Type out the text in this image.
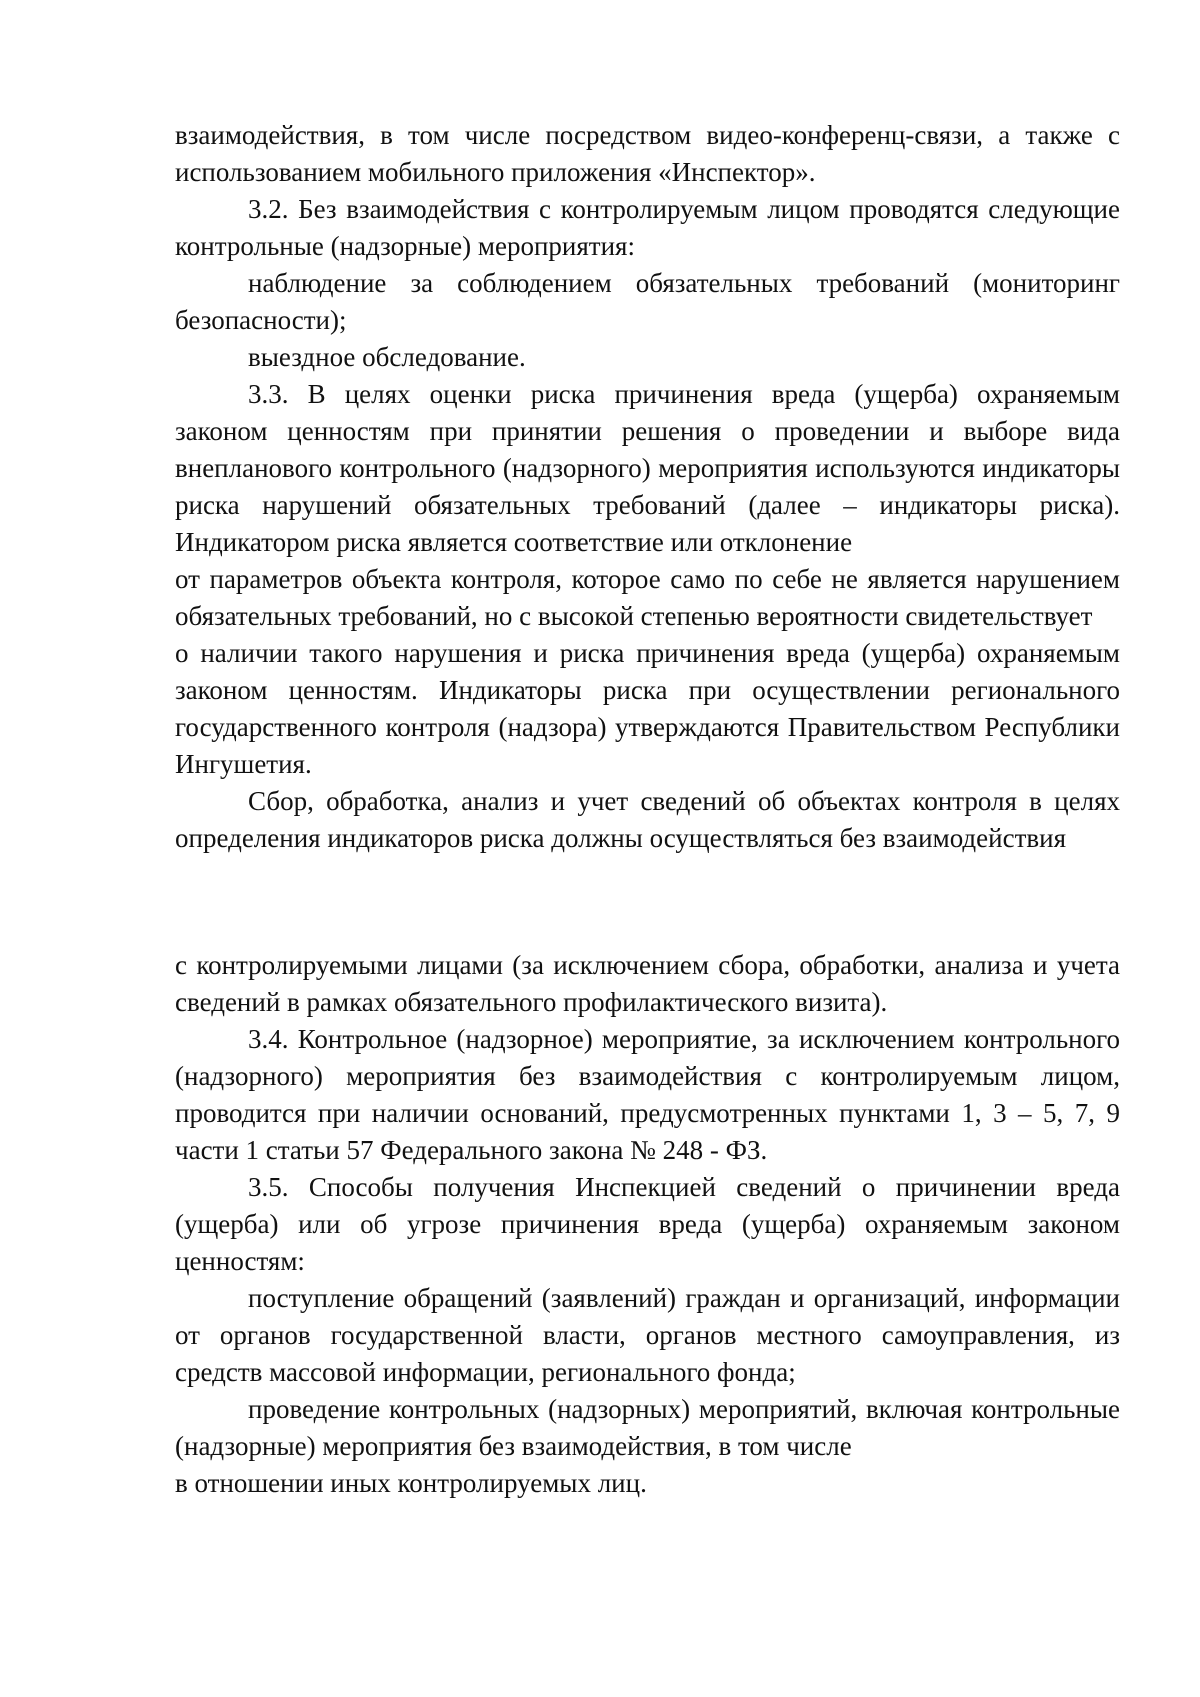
взаимодействия, в том числе посредством видео-конференц-связи, а также с использованием мобильного приложения «Инспектор».

3.2. Без взаимодействия с контролируемым лицом проводятся следующие контрольные (надзорные) мероприятия:

наблюдение за соблюдением обязательных требований (мониторинг безопасности);

выездное обследование.

3.3. В целях оценки риска причинения вреда (ущерба) охраняемым законом ценностям при принятии решения о проведении и выборе вида внепланового контрольного (надзорного) мероприятия используются индикаторы риска нарушений обязательных требований (далее – индикаторы риска). Индикатором риска является соответствие или отклонение

от параметров объекта контроля, которое само по себе не является нарушением обязательных требований, но с высокой степенью вероятности свидетельствует

о наличии такого нарушения и риска причинения вреда (ущерба) охраняемым законом ценностям. Индикаторы риска при осуществлении регионального государственного контроля (надзора) утверждаются Правительством Республики Ингушетия.

Сбор, обработка, анализ и учет сведений об объектах контроля в целях определения индикаторов риска должны осуществляться без взаимодействия

с контролируемыми лицами (за исключением сбора, обработки, анализа и учета сведений в рамках обязательного профилактического визита).

3.4. Контрольное (надзорное) мероприятие, за исключением контрольного (надзорного) мероприятия без взаимодействия с контролируемым лицом, проводится при наличии оснований, предусмотренных пунктами 1, 3 – 5, 7, 9 части 1 статьи 57 Федерального закона № 248 - ФЗ.

3.5. Способы получения Инспекцией сведений о причинении вреда (ущерба) или об угрозе причинения вреда (ущерба) охраняемым законом ценностям:

поступление обращений (заявлений) граждан и организаций, информации от органов государственной власти, органов местного самоуправления, из средств массовой информации, регионального фонда;

проведение контрольных (надзорных) мероприятий, включая контрольные (надзорные) мероприятия без взаимодействия, в том числе

в отношении иных контролируемых лиц.
